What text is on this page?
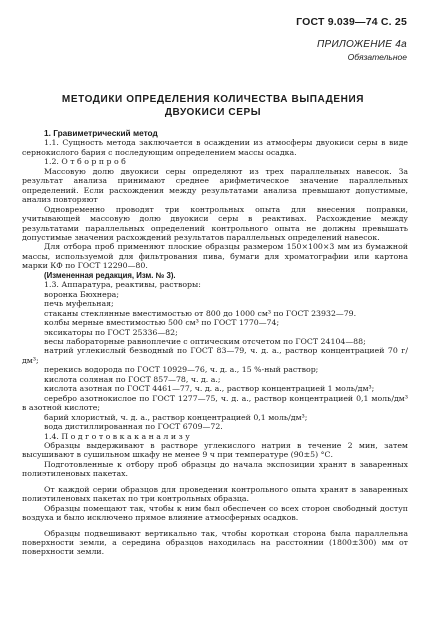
ГОСТ 9.039—74 С. 25
ПРИЛОЖЕНИЕ 4а
Обязательное
МЕТОДИКИ ОПРЕДЕЛЕНИЯ КОЛИЧЕСТВА ВЫПАДЕНИЯ
ДВУОКИСИ СЕРЫ

1. Гравиметрический метод

1.1. Сущность метода заключается в осаждении из атмосферы двуокиси серы в виде сернокислого бария с последующим определением массы осадка.

1.2. О т б о р п р о б

Массовую долю двуокиси серы определяют из трех параллельных навесок. За результат анализа принимают среднее арифметическое значение параллельных определений. Если расхождения между результатами анализа превышают допустимые, анализ повторяют

Одновременно проводят три контрольных опыта для внесения поправки, учитывающей массовую долю двуокиси серы в реактивах. Расхождение между результатами параллельных определений контрольного опыта не должны превышать допустимые значения расхождений результатов параллельных определений навесок.

Для отбора проб применяют плоские образцы размером 150×100×3 мм из бумажной массы, используемой для фильтрования пива, бумаги для хроматографии или картона марки КФ по ГОСТ 12290—80.

(Измененная редакция, Изм. № 3).

1.3. Аппаратура, реактивы, растворы:

воронка Бюхнера;

печь муфельная;

стаканы стеклянные вместимостью от 800 до 1000 см³ по ГОСТ 23932—79.

колбы мерные вместимостью 500 см³ по ГОСТ 1770—74;

эксикаторы по ГОСТ 25336—82;

весы лабораторные равноплечие с оптическим отсчетом по ГОСТ 24104—88;

натрий углекислый безводный по ГОСТ 83—79, ч. д. а., раствор концентрацией 70 г/дм³;

перекись водорода по ГОСТ 10929—76, ч. д. а., 15 %-ный раствор;

кислота соляная по ГОСТ 857—78, ч. д. а.;

кислота азотная по ГОСТ 4461—77, ч. д. а., раствор концентрацией 1 моль/дм³;

серебро азотнокислое по ГОСТ 1277—75, ч. д. а., раствор концентрацией 0,1 моль/дм³ в азотной кислоте;

барий хлористый, ч. д. а., раствор концентрацией 0,1 моль/дм³;

вода дистиллированная по ГОСТ 6709—72.

1.4. П о д г о т о в к а к а н а л и з у

Образцы выдерживают в растворе углекислого натрия в течение 2 мин, затем высушивают в сушильном шкафу не менее 9 ч при температуре (90±5) °С.

Подготовленные к отбору проб образцы до начала экспозиции хранят в заваренных полиэтиленовых пакетах.

От каждой серии образцов для проведения контрольного опыта хранят в заваренных полиэтиленовых пакетах по три контрольных образца.

Образцы помещают так, чтобы к ним был обеспечен со всех сторон свободный доступ воздуха и было исключено прямое влияние атмосферных осадков.

Образцы подвешивают вертикально так, чтобы короткая сторона была параллельна поверхности земли, а середина образцов находилась на расстоянии (1800±300) мм от поверхности земли.
